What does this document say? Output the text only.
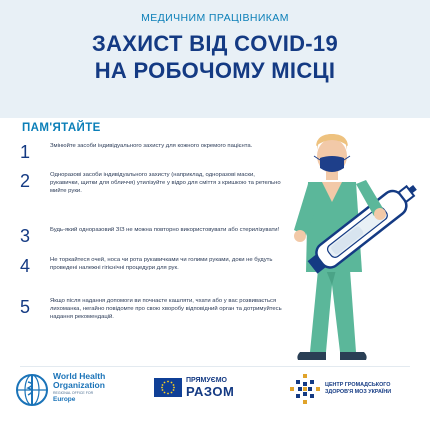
МЕДИЧНИМ ПРАЦІВНИКАМ
ЗАХИСТ ВІД COVID-19
НА РОБОЧОМУ МІСЦІ
ПАМ'ЯТАЙТЕ
1	Змінюйте засоби індивідуального захисту для кожного окремого пацієнта.
2	Одноразові засоби індивідуального захисту (наприклад, одноразові маски, рукавички, щитки для обличчя) утилізуйте у відро для сміття з кришкою та ретельно мийте руки.
3	Будь-який одноразовий ЗІЗ не можна повторно використовувати або стерилізувати!
4	Не торкайтеся очей, носа чи рота рукавичками чи голими руками, доки не будуть проведені належні гігієнічні процедури для рук.
5	Якщо після надання допомоги ви почнаєте кашляти, чхати або у вас розвивається лихоманка, негайно повідомте про свою хворобу відповідний орган та дотримуйтесь надання рекомендацій.
World Health
Organization
REGIONAL OFFICE FOR
Europe
ПРЯМУЄМО
РАЗОМ	ЦЕНТР ГРОМАДСЬКОГО
ЗДОРОВ'Я МОЗ УКРАЇНИ
